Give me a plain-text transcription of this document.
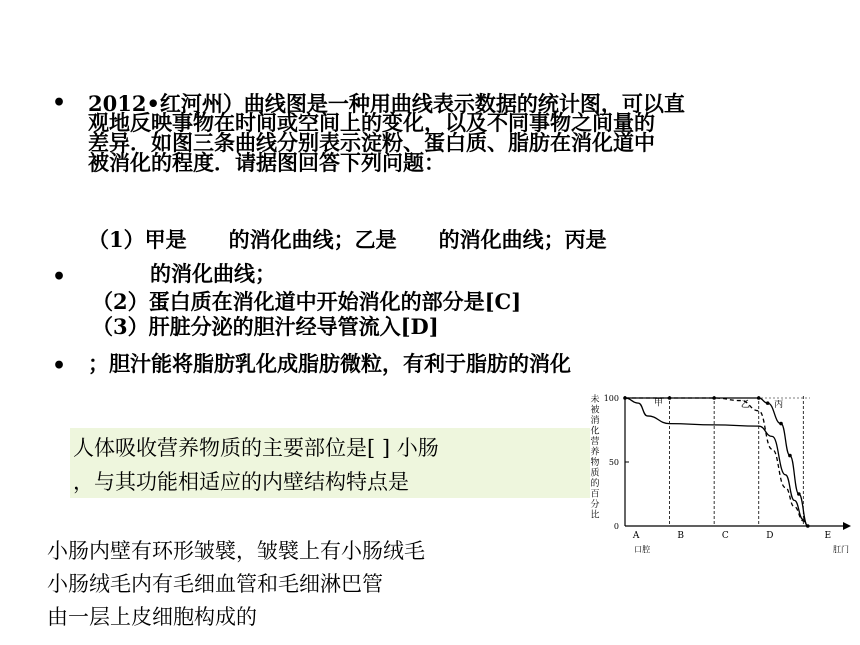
• 2012•红河州）曲线图是一种用曲线表示数据的统计图，可以直
观地反映事物在时间或空间上的变化，以及不同事物之间量的
差异．如图三条曲线分别表示淀粉、蛋白质、脂肪在消化道中
被消化的程度．请据图回答下列问题：
（1）甲是　　的消化曲线；乙是　　的消化曲线；丙是
•	的消化曲线；
（2）蛋白质在消化道中开始消化的部分是[C]
（3）肝脏分泌的胆汁经导管流入[D]
• ；胆汁能将脂肪乳化成脂肪微粒，有利于脂肪的消化
人体吸收营养物质的主要部位是[ ] 小肠
，与其功能相适应的内壁结构特点是
小肠内壁有环形皱襞，皱襞上有小肠绒毛
小肠绒毛内有毛细血管和毛细淋巴管
由一层上皮细胞构成的
未
被
消
化
营
养
物
质
的
百
分
比
100
50
0
甲	乙	丙
A
口腔
B	C	D	E
肛门
